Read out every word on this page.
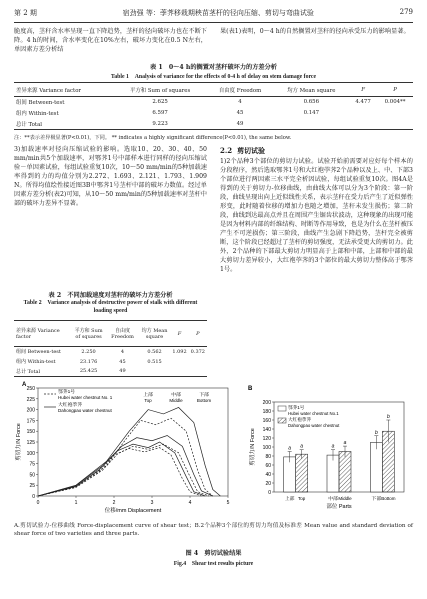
第 2 期	宿劲强 等：荸荠移栽期秧苗茎杆的径向压缩、剪切与弯曲试验	279
脆度高，茎秆含水率呈现一直下降趋势，茎杆的径向破坏力也在不断下降。4 h的时间，含水率变化在10%左右，破坏力变化在0.5 N左右，单因素方差分析结
果(表1)表明，0～4 h的自然搁置对茎秆的径向承受压力的影响显著。
表 1　0～4 h的搁置对茎秆破坏力的方差分析
Table 1　Analysis of variance for the effects of 0-4 h of delay on stem damage force
差异来源 Variance factor	平方和 Sum of squares	自由度 Freedom	均方 Mean square	F	P
组间 Between-test	2.625	4	0.656	4.477	0.004**
组内 Within-test	6.597	45	0.147		
总计 Total	9.223	49			
注：**表示差异极显著(P<0.01)，下同。 ** indicates a highly significant difference(P<0.01), the same below.
3)加载速率对径向压缩试验的影响。选取10、20、30、40、50 mm/min共5个加载速率，对鄂荠1号中部样本进行同样的径向压缩试验－单因素试验，每组试验重复10次，10～50 mm/min的5种加载速率得到的力的均值分别为2.272、1.693、2.121、1.793、1.909 N。所得均值绘性接近图3B中鄂荠1号茎杆中部的破坏力数值。经过单因素方差分析(表2)可知，从10～50 mm/min的5种加载速率对茎杆中部的破坏力差异不显著。
2.2 剪切试验
1)2个品种3个部位的剪切力试验。试验开始前需要对应好每个样本的分段程序，然后选取鄂荠1号和大红袍荸荠2个品种以及上、中、下部3个部位进行两因素三水平完全析因试验，每组试验重复10次。图4A是得到的关于剪切力-位移曲线，由曲线大体可以分为3个阶段：第一阶段，曲线呈现出向上近似线性关系，表示茎秆在受力后产生了近似弹性形变，此时随着位移的增加力也随之增加，茎秆未发生损伤；第二阶段，曲线到达最高点并且在周围产生锯齿状波动，这种现象的出现可能是因为材料内部的纤维结构、时断等作用导致，也是为什么在茎杆被压产生不可逆损伤；第三阶段，曲线产生急剧下降趋势，茎杆完全被剪断，这个阶段已经超过了茎杆的剪切强度，无法承受更大的剪切力。此外，2个品种的下部最大剪切力明显高于上部和中部，上部和中部的最大剪切力差异较小，大红袍荸荠的3个部位的最大剪切力整体高于鄂荠1号。
表 2　不同加载速度对茎秆的破坏力方差分析
Table 2　Variance analysis of destructive power of stalk with different loading speed
差异来源 Variance factor	平方和 Sum of squares	自由度 Freedom	均方 Mean square	F	P
组间 Between-test	2.250	4	0.562	1.092	0.372
组内 Within-test	23.176	45	0.515		
总计 Total	25.425	49			
A
0
25
50
75
100
125
150
175
200
225
250
0	1	2	3	4	5
位移/mm Displacement
剪切力/N Force
鄂荠1号
Hubei water chestnut No. 1
大红袍荸荠
Dahongpao water chestnut
上部
Top
中部
Middle
下部
Bottom
B
0
20
40
60
80
100
120
140
160
180
200
剪切力/N Force	a a
上部 Top
a
a
中部 Middle
b
b
下部 Bottom
部位 Parts
鄂荠1号
Hubei water chestnut No.1
大红袍荸荠
Dahongpao water chestnut
A.剪切试验力-位移曲线 Force-displacement curve of shear test；B.2个品种3个部位的剪切力均值及标准差 Mean value and standard deviation of shear force of two varieties and three parts.
图 4　剪切试验结果
Fig.4　Shear test results picture
